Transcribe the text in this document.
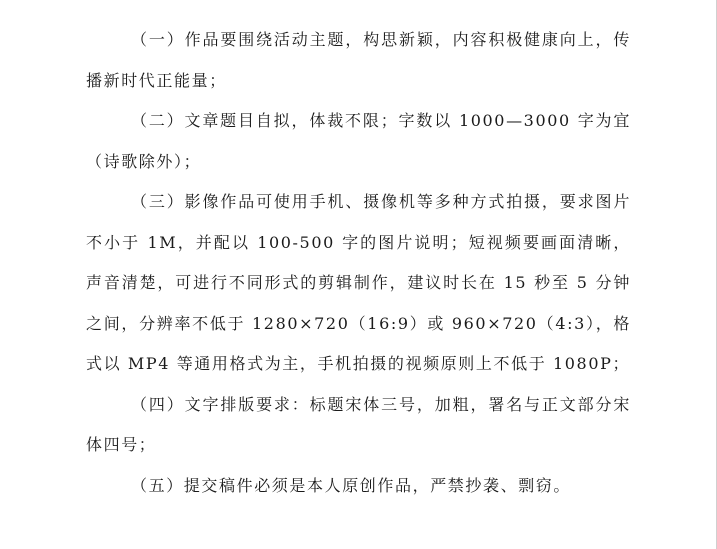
（一）作品要围绕活动主题，构思新颖，内容积极健康向上，传播新时代正能量；

（二）文章题目自拟，体裁不限；字数以 1000—3000 字为宜（诗歌除外）；

（三）影像作品可使用手机、摄像机等多种方式拍摄，要求图片不小于 1M，并配以 100-500 字的图片说明；短视频要画面清晰，声音清楚，可进行不同形式的剪辑制作，建议时长在 15 秒至 5 分钟之间，分辨率不低于 1280×720（16:9）或 960×720（4:3），格式以 MP4 等通用格式为主，手机拍摄的视频原则上不低于 1080P；

（四）文字排版要求：标题宋体三号，加粗，署名与正文部分宋体四号；

（五）提交稿件必须是本人原创作品，严禁抄袭、剽窃。
